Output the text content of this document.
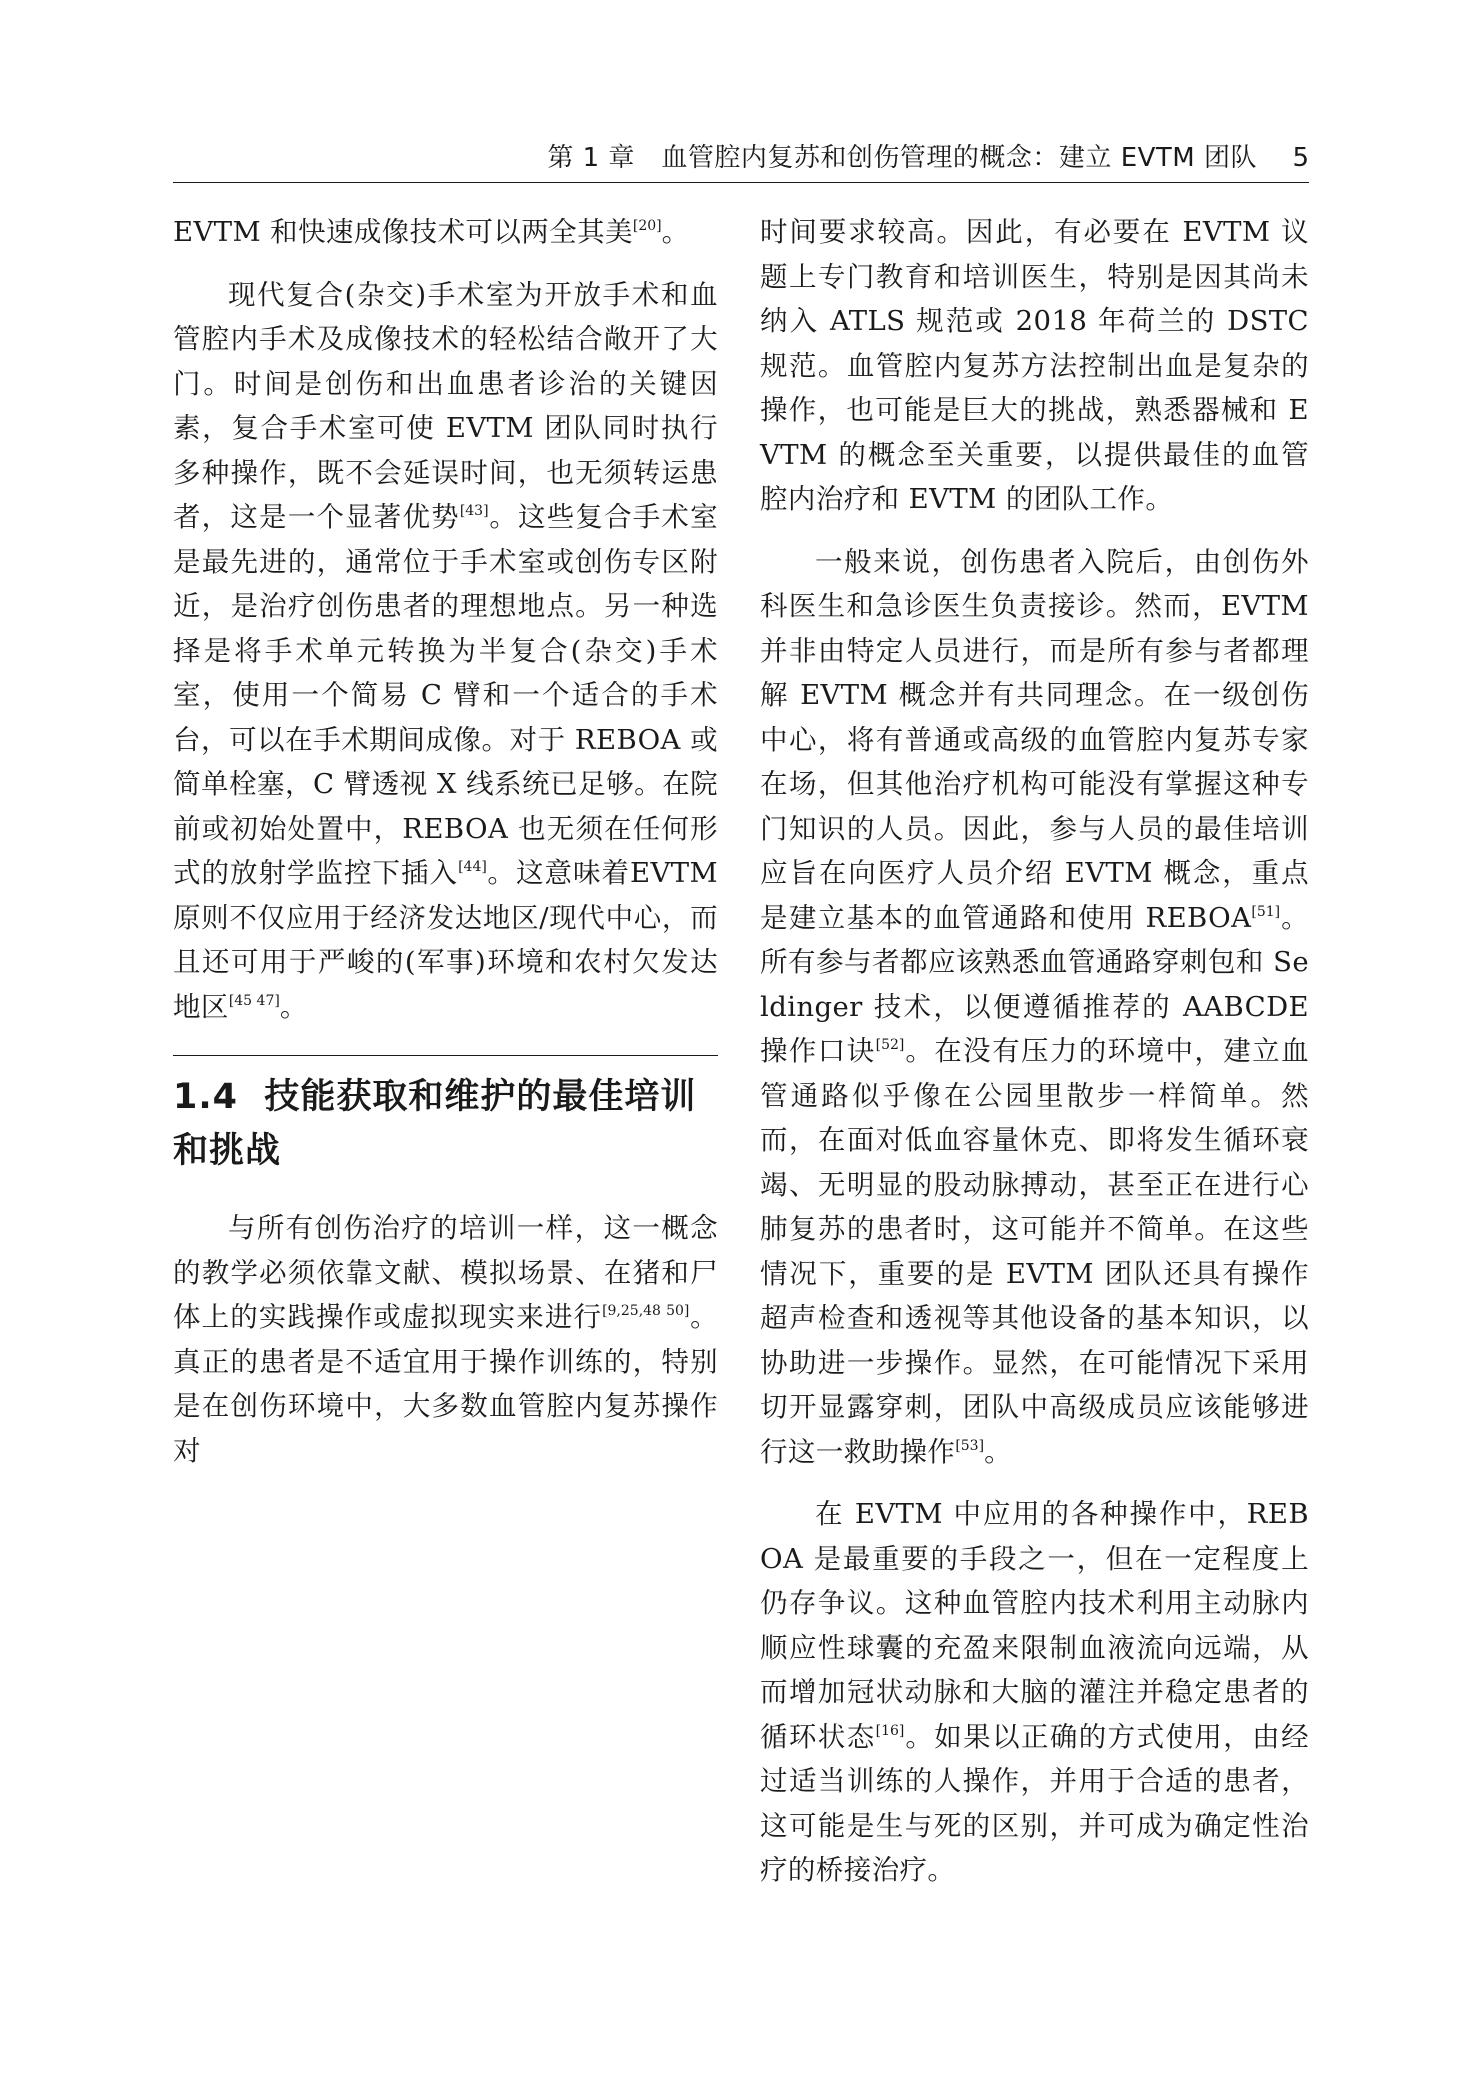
第 1 章　血管腔内复苏和创伤管理的概念：建立 EVTM 团队 5

EVTM 和快速成像技术可以两全其美[20]。

现代复合(杂交)手术室为开放手术和血管腔内手术及成像技术的轻松结合敞开了大门。时间是创伤和出血患者诊治的关键因素，复合手术室可使 EVTM 团队同时执行多种操作，既不会延误时间，也无须转运患者，这是一个显著优势[43]。这些复合手术室是最先进的，通常位于手术室或创伤专区附近，是治疗创伤患者的理想地点。另一种选择是将手术单元转换为半复合(杂交)手术室，使用一个简易 C 臂和一个适合的手术台，可以在手术期间成像。对于 REBOA 或简单栓塞，C 臂透视 X 线系统已足够。在院前或初始处置中，REBOA 也无须在任何形式的放射学监控下插入[44]。这意味着EVTM 原则不仅应用于经济发达地区/现代中心，而且还可用于严峻的(军事)环境和农村欠发达地区[45 47]。

1.4 技能获取和维护的最佳培训和挑战

与所有创伤治疗的培训一样，这一概念的教学必须依靠文献、模拟场景、在猪和尸体上的实践操作或虚拟现实来进行[9,25,48 50]。真正的患者是不适宜用于操作训练的，特别是在创伤环境中，大多数血管腔内复苏操作对

时间要求较高。因此，有必要在 EVTM 议题上专门教育和培训医生，特别是因其尚未纳入 ATLS 规范或 2018 年荷兰的 DSTC 规范。血管腔内复苏方法控制出血是复杂的操作，也可能是巨大的挑战，熟悉器械和 EVTM 的概念至关重要，以提供最佳的血管腔内治疗和 EVTM 的团队工作。

一般来说，创伤患者入院后，由创伤外科医生和急诊医生负责接诊。然而，EVTM 并非由特定人员进行，而是所有参与者都理解 EVTM 概念并有共同理念。在一级创伤中心，将有普通或高级的血管腔内复苏专家在场，但其他治疗机构可能没有掌握这种专门知识的人员。因此，参与人员的最佳培训应旨在向医疗人员介绍 EVTM 概念，重点是建立基本的血管通路和使用 REBOA[51]。所有参与者都应该熟悉血管通路穿刺包和 Seldinger 技术，以便遵循推荐的 AABCDE 操作口诀[52]。在没有压力的环境中，建立血管通路似乎像在公园里散步一样简单。然而，在面对低血容量休克、即将发生循环衰竭、无明显的股动脉搏动，甚至正在进行心肺复苏的患者时，这可能并不简单。在这些情况下，重要的是 EVTM 团队还具有操作超声检查和透视等其他设备的基本知识，以协助进一步操作。显然，在可能情况下采用切开显露穿刺，团队中高级成员应该能够进行这一救助操作[53]。

在 EVTM 中应用的各种操作中，REBOA 是最重要的手段之一，但在一定程度上仍存争议。这种血管腔内技术利用主动脉内顺应性球囊的充盈来限制血液流向远端，从而增加冠状动脉和大脑的灌注并稳定患者的循环状态[16]。如果以正确的方式使用，由经过适当训练的人操作，并用于合适的患者，这可能是生与死的区别，并可成为确定性治疗的桥接治疗。
